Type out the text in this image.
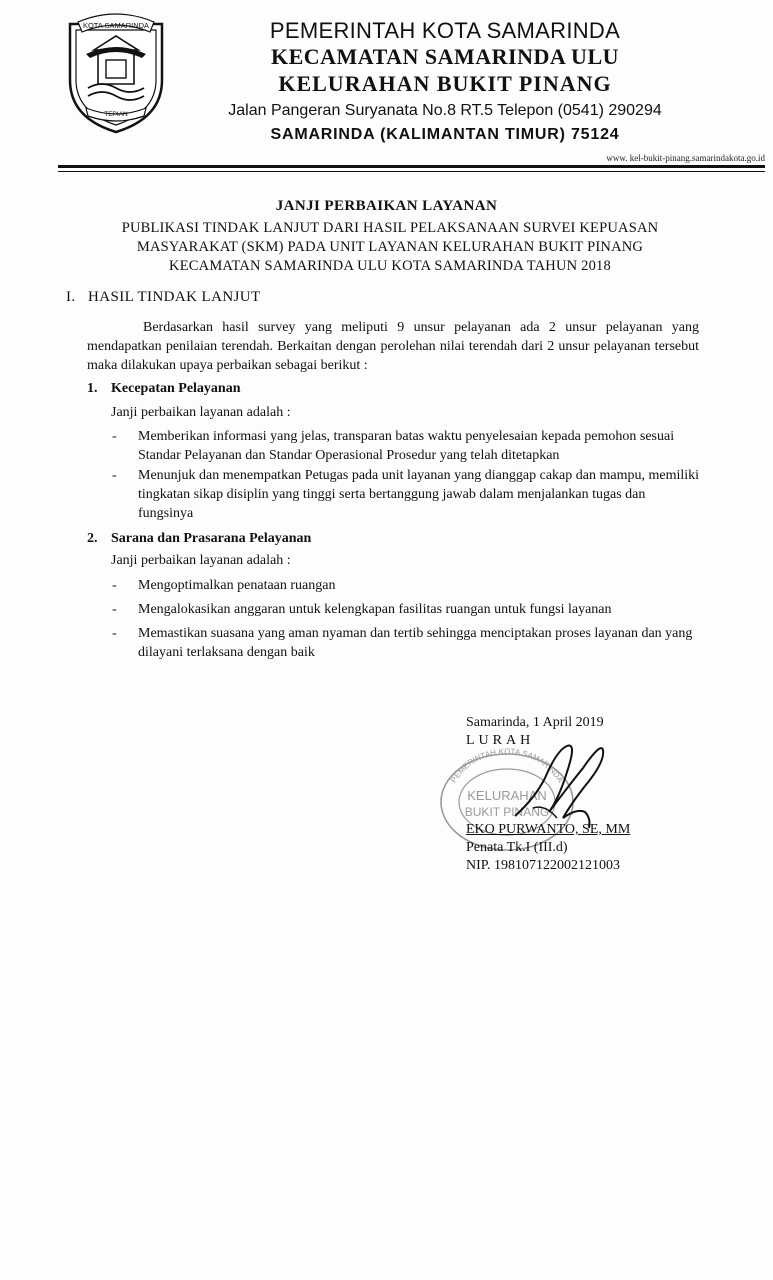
KOTA SAMARINDA
TEPIAN
PEMERINTAH KOTA SAMARINDA
KECAMATAN SAMARINDA ULU
KELURAHAN BUKIT PINANG
Jalan Pangeran Suryanata No.8 RT.5 Telepon (0541) 290294
SAMARINDA (KALIMANTAN TIMUR) 75124
www. kel-bukit-pinang.samarindakota.go.id
JANJI PERBAIKAN LAYANAN
PUBLIKASI TINDAK LANJUT DARI HASIL PELAKSANAAN SURVEI KEPUASAN
MASYARAKAT (SKM) PADA UNIT LAYANAN KELURAHAN BUKIT PINANG
KECAMATAN SAMARINDA ULU KOTA SAMARINDA TAHUN 2018
I. HASIL TINDAK LANJUT
Berdasarkan hasil survey yang meliputi 9 unsur pelayanan ada 2 unsur pelayanan yang mendapatkan penilaian terendah. Berkaitan dengan perolehan nilai terendah dari 2 unsur pelayanan tersebut maka dilakukan upaya perbaikan sebagai berikut :
1. Kecepatan Pelayanan
Janji perbaikan layanan adalah :
- Memberikan informasi yang jelas, transparan batas waktu penyelesaian kepada pemohon sesuai Standar Pelayanan dan Standar Operasional Prosedur yang telah ditetapkan
- Menunjuk dan menempatkan Petugas pada unit layanan yang dianggap cakap dan mampu, memiliki tingkatan sikap disiplin yang tinggi serta bertanggung jawab dalam menjalankan tugas dan fungsinya
2. Sarana dan Prasarana Pelayanan
Janji perbaikan layanan adalah :
- Mengoptimalkan penataan ruangan
- Mengalokasikan anggaran untuk kelengkapan fasilitas ruangan untuk fungsi layanan
- Memastikan suasana yang aman nyaman dan tertib sehingga menciptakan proses layanan dan yang dilayani terlaksana dengan baik
PEMERINTAH KOTA SAMARINDA
KELURAHAN
BUKIT PINANG
Samarinda, 1 April 2019
LURAH
EKO PURWANTO, SE, MM
Penata Tk.I (III.d)
NIP. 198107122002121003
